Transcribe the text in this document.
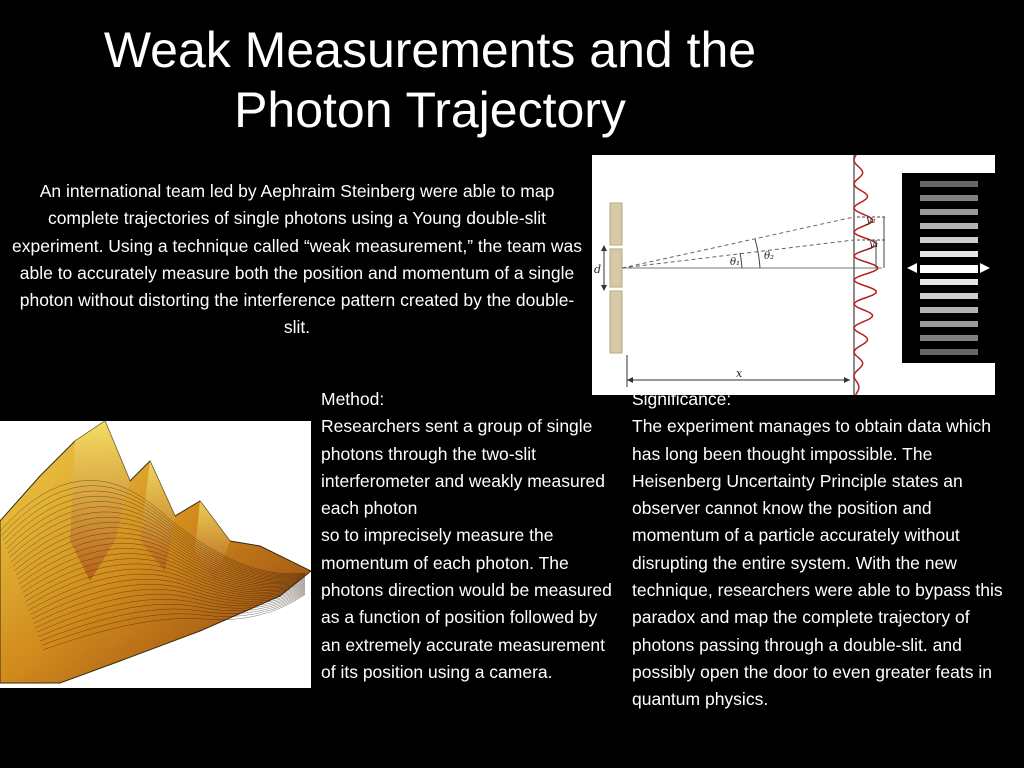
Weak Measurements and the
Photon Trajectory

An international team led by Aephraim Steinberg were able to map complete trajectories of single photons using a Young double-slit experiment. Using a technique called “weak measurement,” the team was able to accurately measure both the position and momentum of a single photon without distorting the interference pattern created by the double-slit.

d
θ₁
θ₂
y₂
y₁
x

Method:

Researchers sent a group of single photons through the two-slit interferometer and weakly measured each photon
so to imprecisely measure the momentum of each photon. The photons direction would be measured as a function of position followed by an extremely accurate measurement of its position using a camera.

Significance:

The experiment manages to obtain data which has long been thought impossible. The Heisenberg Uncertainty Principle states an observer cannot know the position and momentum of a particle accurately without disrupting the entire system. With the new technique, researchers were able to bypass this paradox and map the complete trajectory of photons passing through a double-slit. and possibly open the door to even greater feats in quantum physics.
